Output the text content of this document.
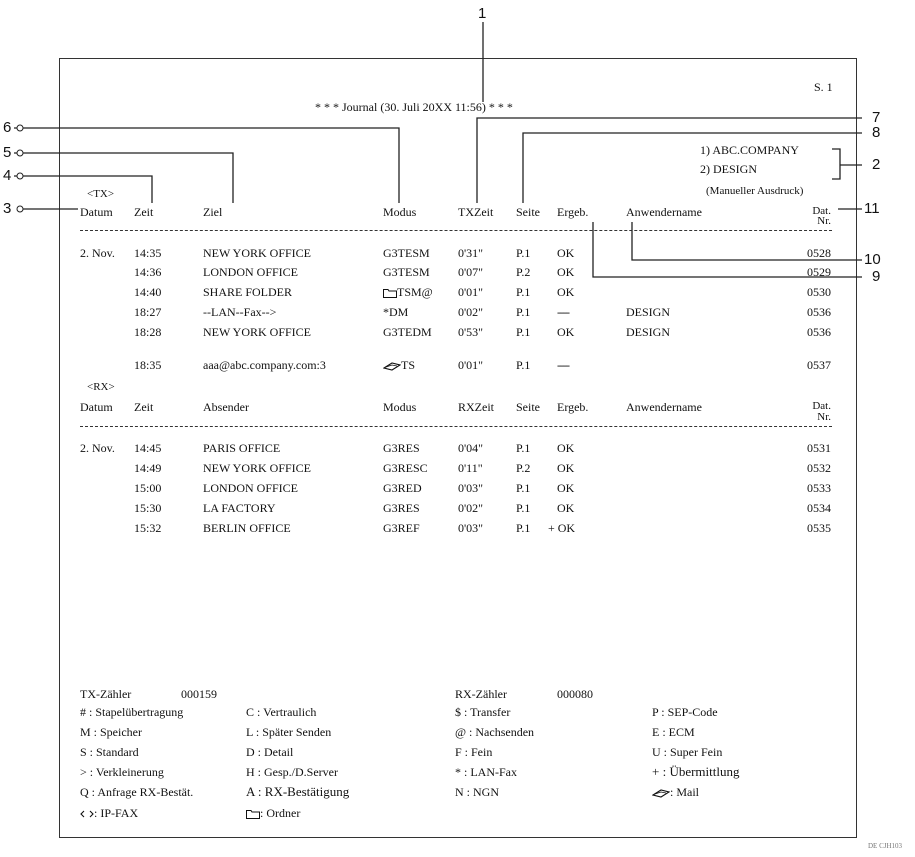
S. 1
* * * Journal (30. Juli 20XX 11:56) * * *
1) ABC.COMPANY
2) DESIGN
(Manueller Ausdruck)
<TX>
Datum Zeit	Ziel	Modus	TXZeit Seite Ergeb.	Anwendername	Dat.
Nr.
2. Nov. 14:35	NEW YORK OFFICE	G3TESM 0'31"	P.1 OK	0528
14:36	LONDON OFFICE	G3TESM 0'07"	P.2 OK	0529
14:40	SHARE FOLDER	TSM@ 0'01"	P.1 OK	0530
18:27	--LAN--Fax-->	*DM	0'02"	P.1 ----	DESIGN	0536
18:28	NEW YORK OFFICE	G3TEDM 0'53"	P.1 OK	DESIGN	0536
18:35	aaa@abc.company.com:3	TS	0'01"	P.1 ----	0537
<RX>
Datum Zeit	Absender	Modus	RXZeit Seite Ergeb.	Anwendername	Dat.
Nr.
2. Nov. 14:45	PARIS OFFICE	G3RES	0'04"	P.1 OK	0531
14:49	NEW YORK OFFICE	G3RESC	0'11"	P.2 OK	0532
15:00	LONDON OFFICE	G3RED	0'03"	P.1 OK	0533
15:30	LA FACTORY	G3RES	0'02"	P.1 OK	0534
15:32	BERLIN OFFICE	G3REF	0'03"	P.1 + OK	0535
TX-Zähler	000159	RX-Zähler	000080
# : Stapelübertragung	C : Vertraulich	$ : Transfer	P : SEP-Code
M : Speicher	L : Später Senden	@ : Nachsenden	E : ECM
S : Standard	D : Detail	F : Fein	U : Super Fein
> : Verkleinerung	H : Gesp./D.Server	* : LAN-Fax	+ : Übermittlung
Q : Anfrage RX-Bestät.	A : RX-Bestätigung	N : NGN	: Mail
: IP-FAX	: Ordner
DE CJH103
1
2
3
4
5
6
7
8
9
10
11
